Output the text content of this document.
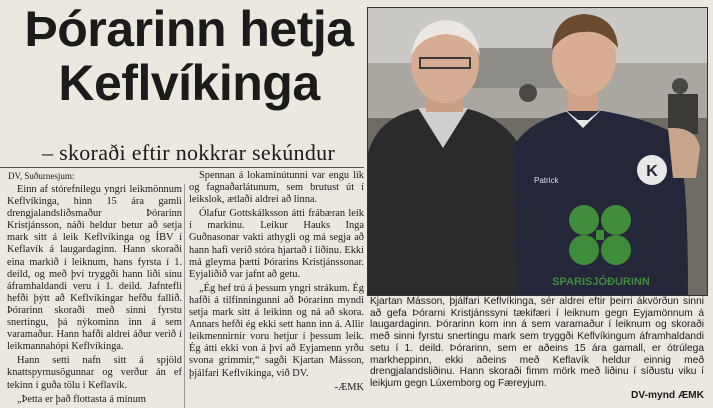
Þórarinn hetja
Keflvíkinga
– skoraði eftir nokkrar sekúndur
DV, Suðurnesjum:

Einn af stórefnilegu yngri leikmönnum Keflvíkinga, hinn 15 ára gamli drengjalandsliðsmaður Þórarinn Kristjánsson, náði heldur betur að setja mark sitt á leik Keflvíkinga og ÍBV í Keflavík á laugardaginn. Hann skoraði eina markið í leiknum, hans fyrsta í 1. deild, og með því tryggði hann liði sínu áframhaldandi veru í 1. deild. Jafntefli hefði þýtt að Keflvíkingar hefðu fallið. Þórarinn skoraði með sinni fyrstu snertingu, þá nýkominn inn á sem varamaður. Hann hafði aldrei áður verið í leikmannahópi Keflvíkinga.

Hann setti nafn sitt á spjöld knattspyrnusögunnar og verður án ef tekinn í guða tölu í Keflavík.

„Þetta er það flottasta á mínum

Spennan á lokamínútunni var engu lík og fagnaðarlátunum, sem brutust út í leikslok, ætlaði aldrei að linna.

Ólafur Gottskálksson átti frábæran leik í markinu. Leikur Hauks Inga Guðnasonar vakti athygli og má segja að hann hafi verið stóra hjartað í liðinu. Ekki má gleyma þætti Þórarins Kristjánssonar. Eyjaliðið var jafnt að getu.

„Ég hef trú á þessum yngri strákum. Ég hafði á tilfinningunni að Þórarinn myndi setja mark sitt á leikinn og ná að skora. Annars hefði ég ekki sett hann inn á. Allir leikmennirnir voru hetjur í þessum leik. Ég átti ekki von á því að Eyjamenn yrðu svona grimmir,“ sagði Kjartan Másson, þjálfari Keflvíkinga, við DV.

-ÆMK

K
Patrick
SPARISJÓÐURINN
Kjartan Másson, þjálfari Keflvíkinga, sér aldrei eftir þeirri ákvörðun sinni að gefa Þórarni Kristjánssyni tækifæri í leiknum gegn Eyjamönnum á laugardaginn. Þórarinn kom inn á sem varamaður í leiknum og skoraði með sinni fyrstu snertingu mark sem tryggði Keflvíkingum áframhaldandi setu í 1. deild. Þórarinn, sem er aðeins 15 ára gamall, er ótrúlega markheppinn, ekki aðeins með Keflavík heldur einnig með drengjalandsliðinu. Hann skoraði fimm mörk með liðinu í síðustu viku í leikjum gegn Lúxemborg og Færeyjum.
DV-mynd ÆMK
